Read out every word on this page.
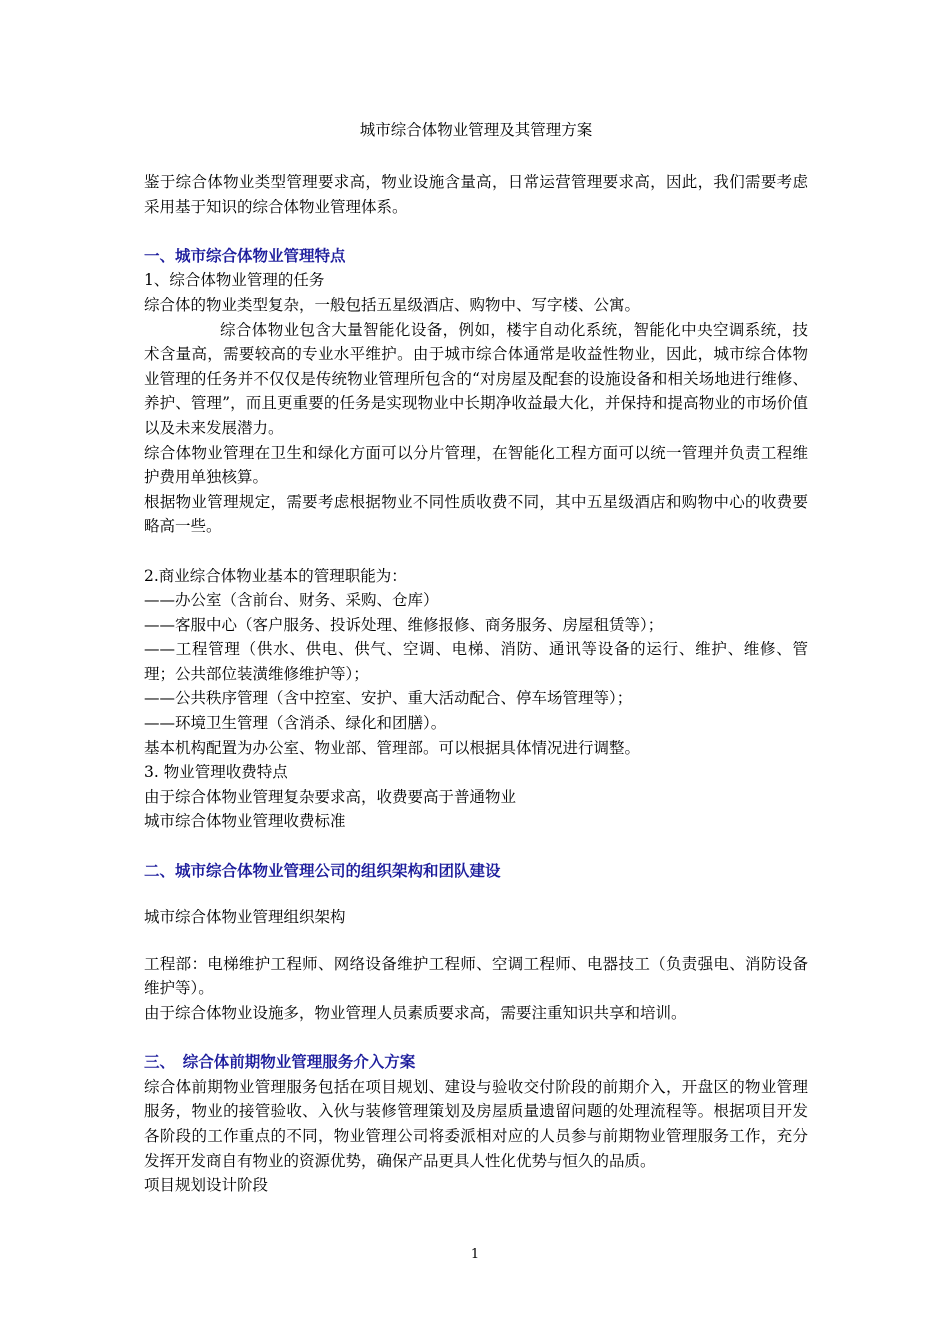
城市综合体物业管理及其管理方案

鉴于综合体物业类型管理要求高，物业设施含量高，日常运营管理要求高，因此，我们需要考虑采用基于知识的综合体物业管理体系。

一、城市综合体物业管理特点

1、综合体物业管理的任务

综合体的物业类型复杂，一般包括五星级酒店、购物中、写字楼、公寓。

综合体物业包含大量智能化设备，例如，楼宇自动化系统，智能化中央空调系统，技术含量高，需要较高的专业水平维护。由于城市综合体通常是收益性物业，因此，城市综合体物业管理的任务并不仅仅是传统物业管理所包含的“对房屋及配套的设施设备和相关场地进行维修、养护、管理”，而且更重要的任务是实现物业中长期净收益最大化，并保持和提高物业的市场价值以及未来发展潜力。

综合体物业管理在卫生和绿化方面可以分片管理，在智能化工程方面可以统一管理并负责工程维护费用单独核算。

根据物业管理规定，需要考虑根据物业不同性质收费不同，其中五星级酒店和购物中心的收费要略高一些。

2.商业综合体物业基本的管理职能为：

——办公室（含前台、财务、采购、仓库）

——客服中心（客户服务、投诉处理、维修报修、商务服务、房屋租赁等）；

——工程管理（供水、供电、供气、空调、电梯、消防、通讯等设备的运行、维护、维修、管理；公共部位装潢维修维护等）；

——公共秩序管理（含中控室、安护、重大活动配合、停车场管理等）；

——环境卫生管理（含消杀、绿化和团膳）。

基本机构配置为办公室、物业部、管理部。可以根据具体情况进行调整。

3. 物业管理收费特点

由于综合体物业管理复杂要求高，收费要高于普通物业

城市综合体物业管理收费标准

二、城市综合体物业管理公司的组织架构和团队建设

城市综合体物业管理组织架构

工程部：电梯维护工程师、网络设备维护工程师、空调工程师、电器技工（负责强电、消防设备维护等）。

由于综合体物业设施多，物业管理人员素质要求高，需要注重知识共享和培训。

三、　综合体前期物业管理服务介入方案

综合体前期物业管理服务包括在项目规划、建设与验收交付阶段的前期介入，开盘区的物业管理服务，物业的接管验收、入伙与装修管理策划及房屋质量遗留问题的处理流程等。根据项目开发各阶段的工作重点的不同，物业管理公司将委派相对应的人员参与前期物业管理服务工作，充分发挥开发商自有物业的资源优势，确保产品更具人性化优势与恒久的品质。

项目规划设计阶段

1
